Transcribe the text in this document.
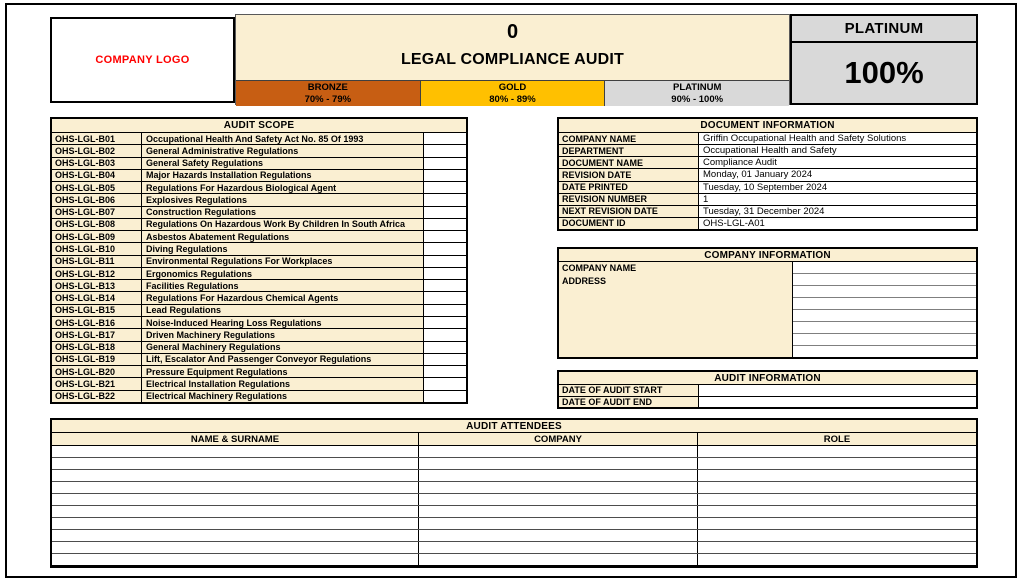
COMPANY LOGO
0
LEGAL COMPLIANCE AUDIT
BRONZE
70% - 79%
GOLD
80% - 89%
PLATINUM
90% - 100%
PLATINUM
100%
AUDIT SCOPE
OHS-LGL-B01	Occupational Health And Safety Act No. 85 Of 1993
OHS-LGL-B02	General Administrative Regulations
OHS-LGL-B03	General Safety Regulations
OHS-LGL-B04	Major Hazards Installation Regulations
OHS-LGL-B05	Regulations For Hazardous Biological Agent
OHS-LGL-B06	Explosives Regulations
OHS-LGL-B07	Construction Regulations
OHS-LGL-B08	Regulations On Hazardous Work By Children In South Africa
OHS-LGL-B09	Asbestos Abatement Regulations
OHS-LGL-B10	Diving Regulations
OHS-LGL-B11	Environmental Regulations For Workplaces
OHS-LGL-B12	Ergonomics Regulations
OHS-LGL-B13	Facilities Regulations
OHS-LGL-B14	Regulations For Hazardous Chemical Agents
OHS-LGL-B15	Lead Regulations
OHS-LGL-B16	Noise-Induced Hearing Loss Regulations
OHS-LGL-B17	Driven Machinery Regulations
OHS-LGL-B18	General Machinery Regulations
OHS-LGL-B19	Lift, Escalator And Passenger Conveyor Regulations
OHS-LGL-B20	Pressure Equipment Regulations
OHS-LGL-B21	Electrical Installation Regulations
OHS-LGL-B22	Electrical Machinery Regulations
DOCUMENT INFORMATION
COMPANY NAME	Griffin Occupational Health and Safety Solutions
DEPARTMENT	Occupational Health and Safety
DOCUMENT NAME	Compliance Audit
REVISION DATE	Monday, 01 January 2024
DATE PRINTED	Tuesday, 10 September 2024
REVISION NUMBER	1
NEXT REVISION DATE	Tuesday, 31 December 2024
DOCUMENT ID	OHS-LGL-A01
COMPANY INFORMATION
COMPANY NAME
ADDRESS
AUDIT INFORMATION
DATE OF AUDIT START
DATE OF AUDIT END
AUDIT ATTENDEES
NAME & SURNAME	COMPANY	ROLE
